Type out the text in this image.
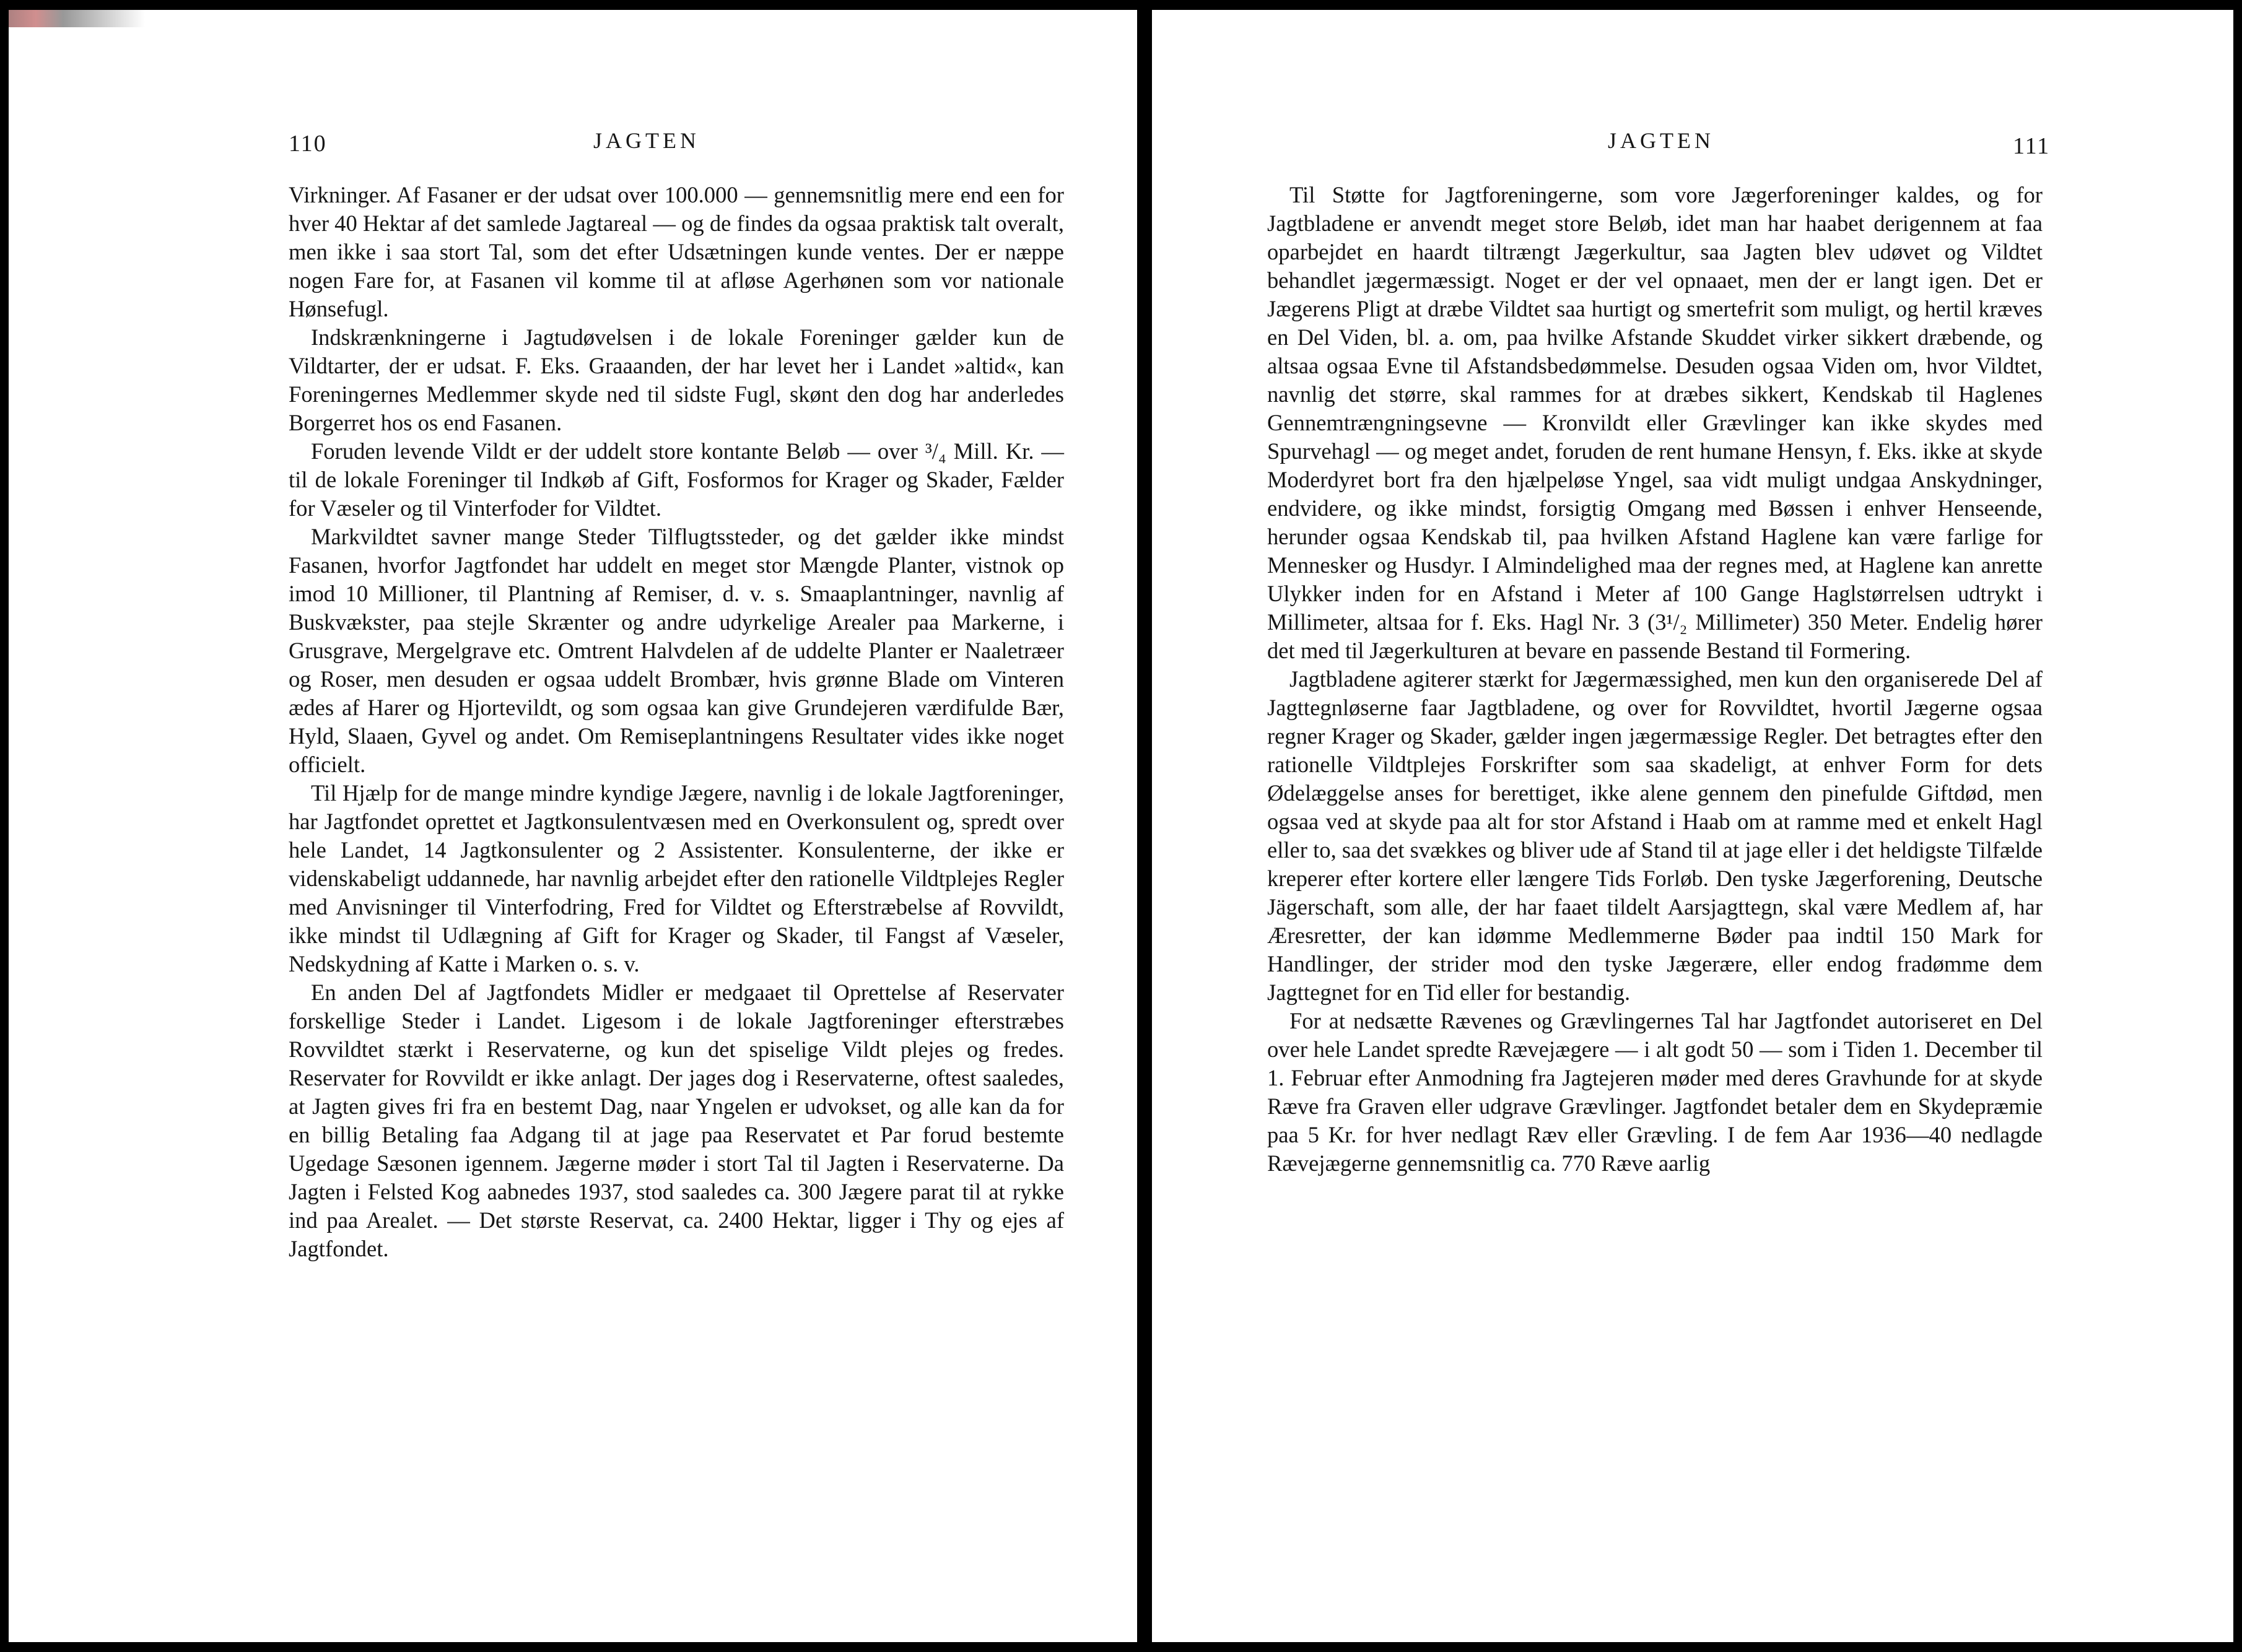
110	JAGTEN

Virkninger. Af Fasaner er der udsat over 100.000 — gennemsnitlig mere end een for hver 40 Hektar af det samlede Jagtareal — og de findes da ogsaa praktisk talt overalt, men ikke i saa stort Tal, som det efter Udsætningen kunde ventes. Der er næppe nogen Fare for, at Fasanen vil komme til at afløse Agerhønen som vor nationale Hønsefugl.

Indskrænkningerne i Jagtudøvelsen i de lokale Foreninger gælder kun de Vildtarter, der er udsat. F. Eks. Graaanden, der har levet her i Landet »altid«, kan Foreningernes Medlemmer skyde ned til sidste Fugl, skønt den dog har anderledes Borgerret hos os end Fasanen.

Foruden levende Vildt er der uddelt store kontante Beløb — over ³/₄ Mill. Kr. — til de lokale Foreninger til Indkøb af Gift, Fosformos for Krager og Skader, Fælder for Væseler og til Vinterfoder for Vildtet.

Markvildtet savner mange Steder Tilflugtssteder, og det gælder ikke mindst Fasanen, hvorfor Jagtfondet har uddelt en meget stor Mængde Planter, vistnok op imod 10 Millioner, til Plantning af Remiser, d. v. s. Smaaplantninger, navnlig af Buskvækster, paa stejle Skrænter og andre udyrkelige Arealer paa Markerne, i Grusgrave, Mergelgrave etc. Omtrent Halvdelen af de uddelte Planter er Naaletræer og Roser, men desuden er ogsaa uddelt Brombær, hvis grønne Blade om Vinteren ædes af Harer og Hjortevildt, og som ogsaa kan give Grundejeren værdifulde Bær, Hyld, Slaaen, Gyvel og andet. Om Remiseplantningens Resultater vides ikke noget officielt.

Til Hjælp for de mange mindre kyndige Jægere, navnlig i de lokale Jagtforeninger, har Jagtfondet oprettet et Jagtkonsulentvæsen med en Overkonsulent og, spredt over hele Landet, 14 Jagtkonsulenter og 2 Assistenter. Konsulenterne, der ikke er videnskabeligt uddannede, har navnlig arbejdet efter den rationelle Vildtplejes Regler med Anvisninger til Vinterfodring, Fred for Vildtet og Efterstræbelse af Rovvildt, ikke mindst til Udlægning af Gift for Krager og Skader, til Fangst af Væseler, Nedskydning af Katte i Marken o. s. v.

En anden Del af Jagtfondets Midler er medgaaet til Oprettelse af Reservater forskellige Steder i Landet. Ligesom i de lokale Jagtforeninger efterstræbes Rovvildtet stærkt i Reservaterne, og kun det spiselige Vildt plejes og fredes. Reservater for Rovvildt er ikke anlagt. Der jages dog i Reservaterne, oftest saaledes, at Jagten gives fri fra en bestemt Dag, naar Yngelen er udvokset, og alle kan da for en billig Betaling faa Adgang til at jage paa Reservatet et Par forud bestemte Ugedage Sæsonen igennem. Jægerne møder i stort Tal til Jagten i Reservaterne. Da Jagten i Felsted Kog aabnedes 1937, stod saaledes ca. 300 Jægere parat til at rykke ind paa Arealet. — Det største Reservat, ca. 2400 Hektar, ligger i Thy og ejes af Jagtfondet.

JAGTEN	111

Til Støtte for Jagtforeningerne, som vore Jægerforeninger kaldes, og for Jagtbladene er anvendt meget store Beløb, idet man har haabet derigennem at faa oparbejdet en haardt tiltrængt Jægerkultur, saa Jagten blev udøvet og Vildtet behandlet jægermæssigt. Noget er der vel opnaaet, men der er langt igen. Det er Jægerens Pligt at dræbe Vildtet saa hurtigt og smertefrit som muligt, og hertil kræves en Del Viden, bl. a. om, paa hvilke Afstande Skuddet virker sikkert dræbende, og altsaa ogsaa Evne til Afstandsbedømmelse. Desuden ogsaa Viden om, hvor Vildtet, navnlig det større, skal rammes for at dræbes sikkert, Kendskab til Haglenes Gennemtrængningsevne — Kronvildt eller Grævlinger kan ikke skydes med Spurvehagl — og meget andet, foruden de rent humane Hensyn, f. Eks. ikke at skyde Moderdyret bort fra den hjælpeløse Yngel, saa vidt muligt undgaa Anskydninger, endvidere, og ikke mindst, forsigtig Omgang med Bøssen i enhver Henseende, herunder ogsaa Kendskab til, paa hvilken Afstand Haglene kan være farlige for Mennesker og Husdyr. I Almindelighed maa der regnes med, at Haglene kan anrette Ulykker inden for en Afstand i Meter af 100 Gange Haglstørrelsen udtrykt i Millimeter, altsaa for f. Eks. Hagl Nr. 3 (3¹/₂ Millimeter) 350 Meter. Endelig hører det med til Jægerkulturen at bevare en passende Bestand til Formering.

Jagtbladene agiterer stærkt for Jægermæssighed, men kun den organiserede Del af Jagttegnløserne faar Jagtbladene, og over for Rovvildtet, hvortil Jægerne ogsaa regner Krager og Skader, gælder ingen jægermæssige Regler. Det betragtes efter den rationelle Vildtplejes Forskrifter som saa skadeligt, at enhver Form for dets Ødelæggelse anses for berettiget, ikke alene gennem den pinefulde Giftdød, men ogsaa ved at skyde paa alt for stor Afstand i Haab om at ramme med et enkelt Hagl eller to, saa det svækkes og bliver ude af Stand til at jage eller i det heldigste Tilfælde kreperer efter kortere eller længere Tids Forløb. Den tyske Jægerforening, Deutsche Jägerschaft, som alle, der har faaet tildelt Aarsjagttegn, skal være Medlem af, har Æresretter, der kan idømme Medlemmerne Bøder paa indtil 150 Mark for Handlinger, der strider mod den tyske Jægerære, eller endog fradømme dem Jagttegnet for en Tid eller for bestandig.

For at nedsætte Rævenes og Grævlingernes Tal har Jagtfondet autoriseret en Del over hele Landet spredte Rævejægere — i alt godt 50 — som i Tiden 1. December til 1. Februar efter Anmodning fra Jagtejeren møder med deres Gravhunde for at skyde Ræve fra Graven eller udgrave Grævlinger. Jagtfondet betaler dem en Skydepræmie paa 5 Kr. for hver nedlagt Ræv eller Grævling. I de fem Aar 1936—40 nedlagde Rævejægerne gennemsnitlig ca. 770 Ræve aarlig
